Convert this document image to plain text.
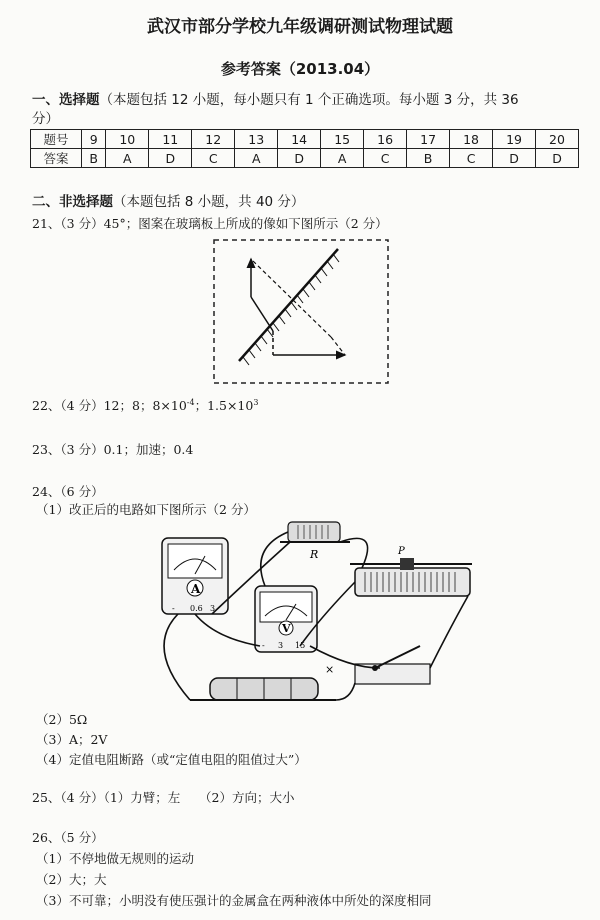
武汉市部分学校九年级调研测试物理试题
参考答案（2013.04）
一、选择题（本题包括 12 小题，每小题只有 1 个正确选项。每小题 3 分，共 36
分）
题号	9	10	11	12	13	14	15	16	17	18	19	20
答案	B	A	D	C	A	D	A	C	B	C	D	D
二、非选择题（本题包括 8 小题，共 40 分）
21、（3 分）45°；图案在玻璃板上所成的像如下图所示（2 分）
22、（4 分）12；8；$8\times 10^{-4}$；$1.5\times 10^3$
23、（3 分）0.1；加速；0.4
24、（6 分）
（1）改正后的电路如下图所示（2 分）
R
A
- 0.6 3
V
- 3 15
P
×
（2）5Ω
（3）A；2V
（4）定值电阻断路（或“定值电阻的阻值过大”）
25、（4 分）（1）力臂；左　　（2）方向；大小
26、（5 分）
（1）不停地做无规则的运动
（2）大；大
（3）不可靠；小明没有使压强计的金属盒在两种液体中所处的深度相同
